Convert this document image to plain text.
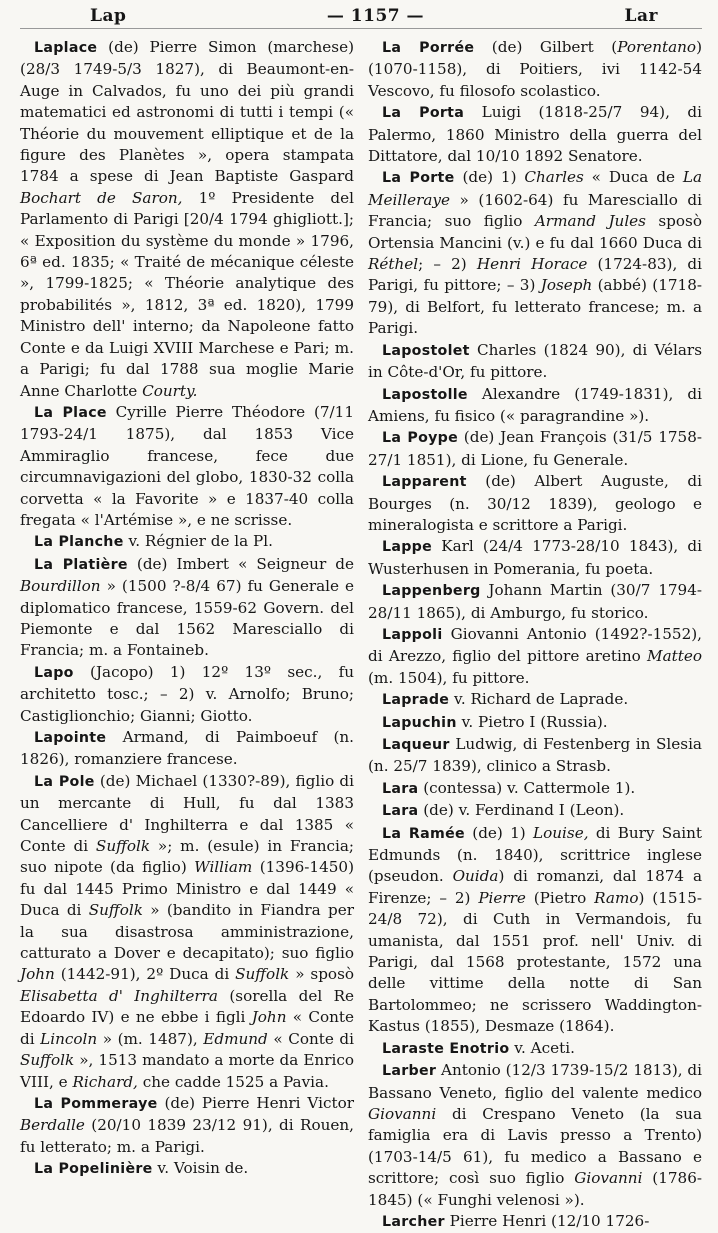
Lap	— 1157 —	Lar

Laplace (de) Pierre Simon (marchese) (28/3 1749-5/3 1827), di Beaumont-en-Auge in Calvados, fu uno dei più grandi matematici ed astronomi di tutti i tempi (« Théorie du mouvement elliptique et de la figure des Planètes », opera stampata 1784 a spese di Jean Baptiste Gaspard Bochart de Saron, 1º Presidente del Parlamento di Parigi [20/4 1794 ghigliott.]; « Exposition du système du monde » 1796, 6ª ed. 1835; « Traité de mécanique céleste », 1799-1825; « Théorie analytique des probabilités », 1812, 3ª ed. 1820), 1799 Ministro dell' interno; da Napoleone fatto Conte e da Luigi XVIII Marchese e Pari; m. a Parigi; fu dal 1788 sua moglie Marie Anne Charlotte Courty.

La Place Cyrille Pierre Théodore (7/11 1793-24/1 1875), dal 1853 Vice Ammiraglio francese, fece due circumnavigazioni del globo, 1830-32 colla corvetta « la Favorite » e 1837-40 colla fregata « l'Artémise », e ne scrisse.

La Planche v. Régnier de la Pl.

La Platière (de) Imbert « Seigneur de Bourdillon » (1500 ?-8/4 67) fu Generale e diplomatico francese, 1559-62 Govern. del Piemonte e dal 1562 Maresciallo di Francia; m. a Fontaineb.

Lapo (Jacopo) 1) 12º 13º sec., fu architetto tosc.; – 2) v. Arnolfo; Bruno; Castiglionchio; Gianni; Giotto.

Lapointe Armand, di Paimboeuf (n. 1826), romanziere francese.

La Pole (de) Michael (1330?-89), figlio di un mercante di Hull, fu dal 1383 Cancelliere d' Inghilterra e dal 1385 « Conte di Suffolk »; m. (esule) in Francia; suo nipote (da figlio) William (1396-1450) fu dal 1445 Primo Ministro e dal 1449 « Duca di Suffolk » (bandito in Fiandra per la sua disastrosa amministrazione, catturato a Dover e decapitato); suo figlio John (1442-91), 2º Duca di Suffolk » sposò Elisabetta d' Inghilterra (sorella del Re Edoardo IV) e ne ebbe i figli John « Conte di Lincoln » (m. 1487), Edmund « Conte di Suffolk », 1513 mandato a morte da Enrico VIII, e Richard, che cadde 1525 a Pavia.

La Pommeraye (de) Pierre Henri Victor Berdalle (20/10 1839 23/12 91), di Rouen, fu letterato; m. a Parigi.

La Popelinière v. Voisin de.

La Porrée (de) Gilbert (Porentano) (1070-1158), di Poitiers, ivi 1142-54 Vescovo, fu filosofo scolastico.

La Porta Luigi (1818-25/7 94), di Palermo, 1860 Ministro della guerra del Dittatore, dal 10/10 1892 Senatore.

La Porte (de) 1) Charles « Duca de La Meilleraye » (1602-64) fu Maresciallo di Francia; suo figlio Armand Jules sposò Ortensia Mancini (v.) e fu dal 1660 Duca di Réthel; – 2) Henri Horace (1724-83), di Parigi, fu pittore; – 3) Joseph (abbé) (1718-79), di Belfort, fu letterato francese; m. a Parigi.

Lapostolet Charles (1824 90), di Vélars in Côte-d'Or, fu pittore.

Lapostolle Alexandre (1749-1831), di Amiens, fu fisico (« paragrandine »).

La Poype (de) Jean François (31/5 1758-27/1 1851), di Lione, fu Generale.

Lapparent (de) Albert Auguste, di Bourges (n. 30/12 1839), geologo e mineralogista e scrittore a Parigi.

Lappe Karl (24/4 1773-28/10 1843), di Wusterhusen in Pomerania, fu poeta.

Lappenberg Johann Martin (30/7 1794-28/11 1865), di Amburgo, fu storico.

Lappoli Giovanni Antonio (1492?-1552), di Arezzo, figlio del pittore aretino Matteo (m. 1504), fu pittore.

Laprade v. Richard de Laprade.

Lapuchin v. Pietro I (Russia).

Laqueur Ludwig, di Festenberg in Slesia (n. 25/7 1839), clinico a Strasb.

Lara (contessa) v. Cattermole 1).

Lara (de) v. Ferdinand I (Leon).

La Ramée (de) 1) Louise, di Bury Saint Edmunds (n. 1840), scrittrice inglese (pseudon. Ouida) di romanzi, dal 1874 a Firenze; – 2) Pierre (Pietro Ramo) (1515-24/8 72), di Cuth in Vermandois, fu umanista, dal 1551 prof. nell' Univ. di Parigi, dal 1568 protestante, 1572 una delle vittime della notte di San Bartolommeo; ne scrissero Waddington-Kastus (1855), Desmaze (1864).

Laraste Enotrio v. Aceti.

Larber Antonio (12/3 1739-15/2 1813), di Bassano Veneto, figlio del valente medico Giovanni di Crespano Veneto (la sua famiglia era di Lavis presso a Trento) (1703-14/5 61), fu medico a Bassano e scrittore; così suo figlio Giovanni (1786-1845) (« Funghi velenosi »).

Larcher Pierre Henri (12/10 1726-
